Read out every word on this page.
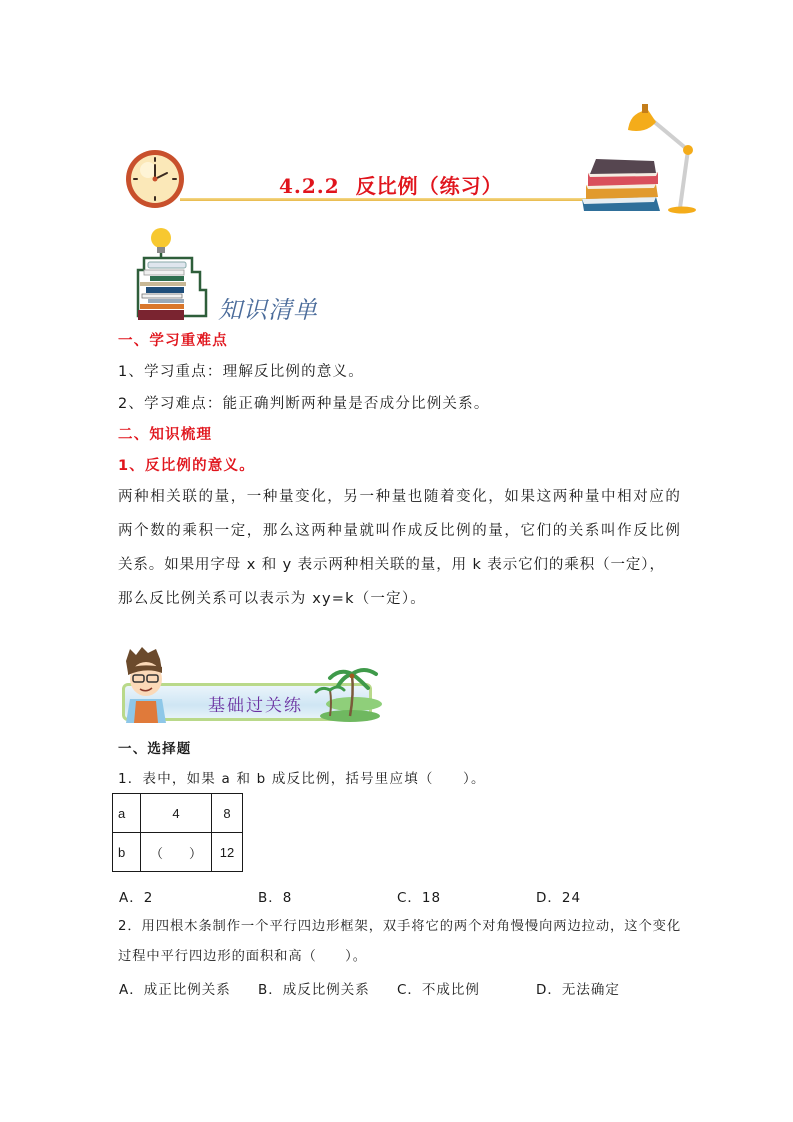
4.2.2 反比例（练习）
知识清单
一、学习重难点
1、学习重点：理解反比例的意义。
2、学习难点：能正确判断两种量是否成分比例关系。
二、知识梳理
1、反比例的意义。
两种相关联的量，一种量变化，另一种量也随着变化，如果这两种量中相对应的
两个数的乘积一定，那么这两种量就叫作成反比例的量，它们的关系叫作反比例
关系。如果用字母 x 和 y 表示两种相关联的量，用 k 表示它们的乘积（一定），
那么反比例关系可以表示为 xy=k（一定）。
基础过关练
一、选择题
1．表中，如果 a 和 b 成反比例，括号里应填（　　）。
a	4	8
b	（　　）	12
A．2	B．8	C．18	D．24
2．用四根木条制作一个平行四边形框架，双手将它的两个对角慢慢向两边拉动，这个变化
过程中平行四边形的面积和高（　　）。
A．成正比例关系 B．成反比例关系 C．不成比例	D．无法确定
